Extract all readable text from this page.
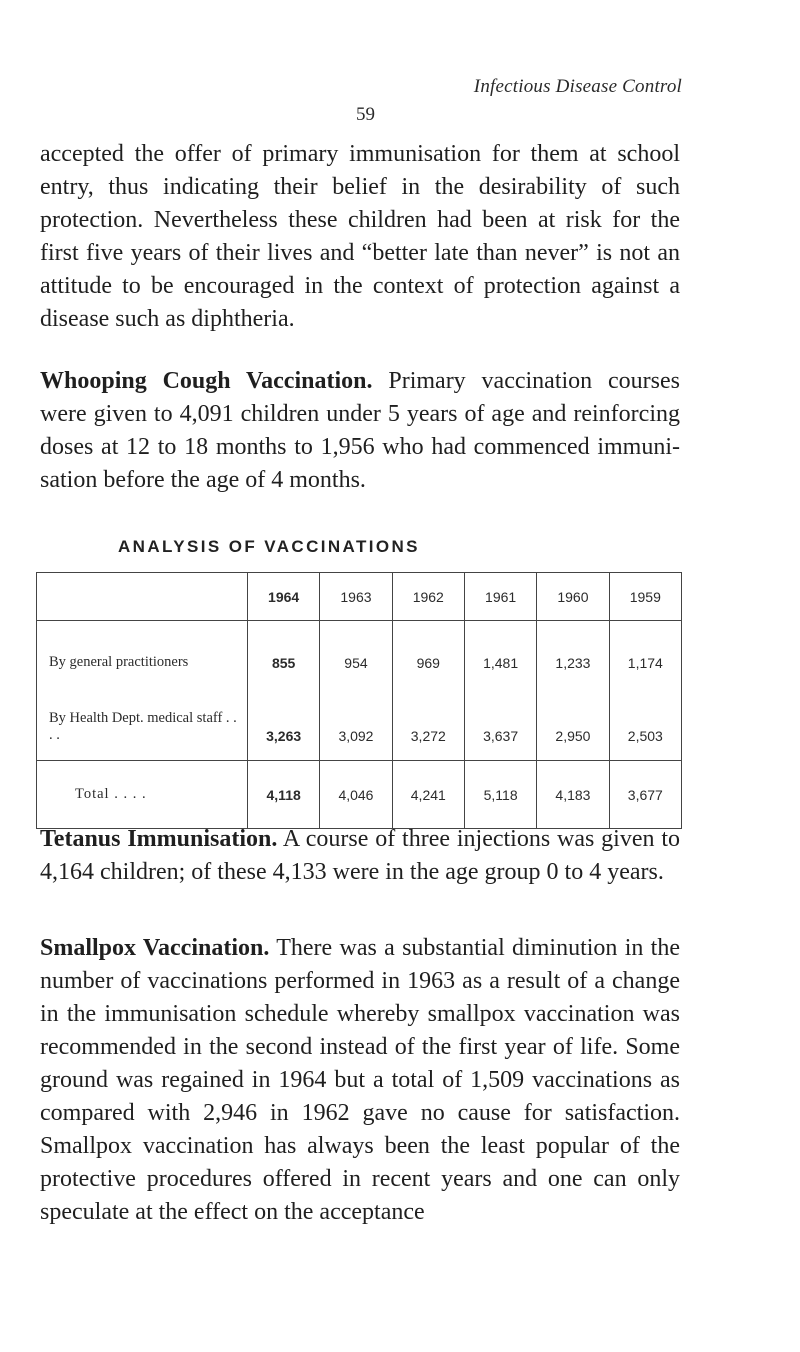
Infectious Disease Control
59

accepted the offer of primary immunisation for them at school entry, thus indicating their belief in the desirability of such protection. Nevertheless these children had been at risk for the first five years of their lives and “better late than never” is not an attitude to be encouraged in the context of protection against a disease such as diphtheria.

Whooping Cough Vaccination. Primary vaccination courses were given to 4,091 children under 5 years of age and reinforcing doses at 12 to 18 months to 1,956 who had commenced immuni- sation before the age of 4 months.

ANALYSIS OF VACCINATIONS
	1964	1963	1962	1961	1960	1959
By general practitioners	855	954	969	1,481	1,233	1,174
By Health Dept. medical staff . . . .	3,263	3,092	3,272	3,637	2,950	2,503
Total . . . .	4,118	4,046	4,241	5,118	4,183	3,677

Tetanus Immunisation. A course of three injections was given to 4,164 children; of these 4,133 were in the age group 0 to 4 years.

Smallpox Vaccination. There was a substantial diminution in the number of vaccinations performed in 1963 as a result of a change in the immunisation schedule whereby smallpox vaccination was recommended in the second instead of the first year of life. Some ground was regained in 1964 but a total of 1,509 vaccinations as compared with 2,946 in 1962 gave no cause for satisfaction. Smallpox vaccination has always been the least popular of the protective procedures offered in recent years and one can only speculate at the effect on the acceptance
